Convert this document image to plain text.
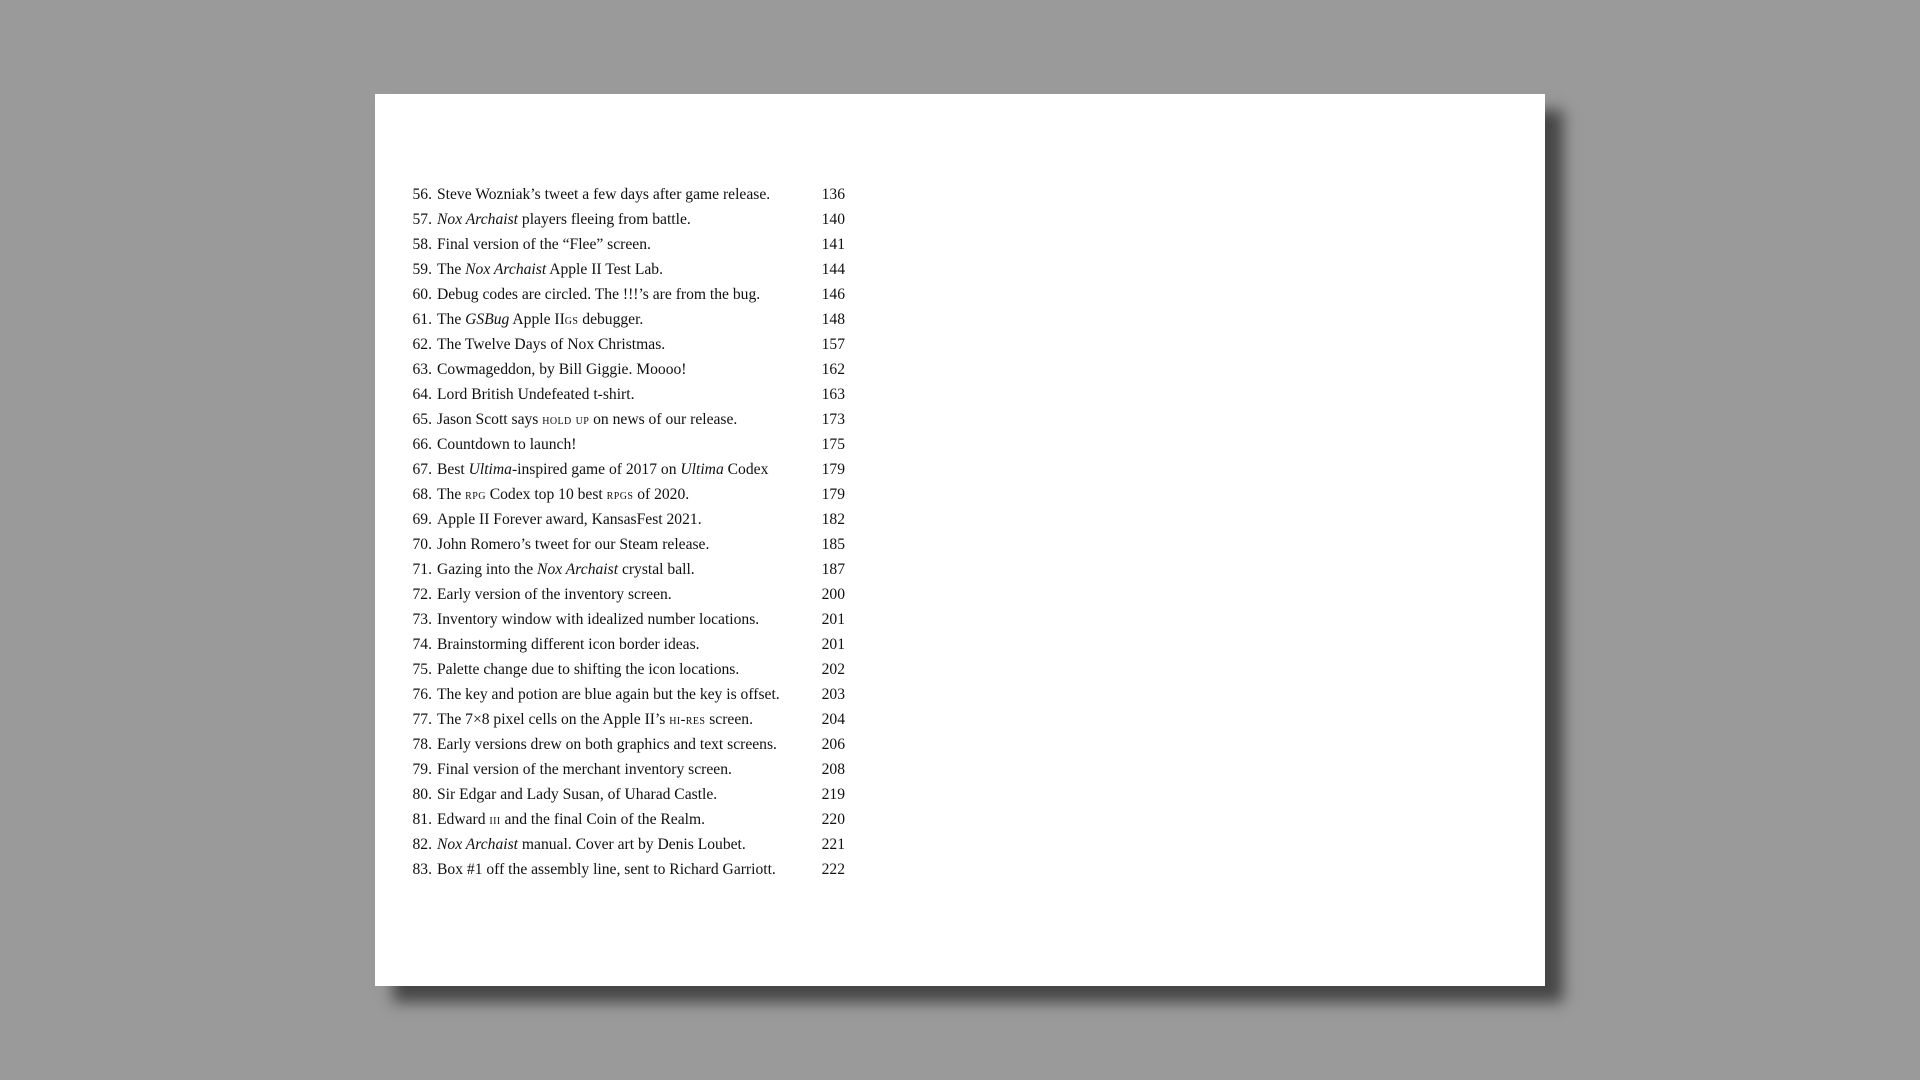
56. Steve Wozniak’s tweet a few days after game release.	136
57. Nox Archaist players fleeing from battle.	140
58. Final version of the “Flee” screen.	141
59. The Nox Archaist Apple II Test Lab.	144
60. Debug codes are circled. The !!!’s are from the bug.	146
61. The GSBug Apple IIgs debugger.	148
62. The Twelve Days of Nox Christmas.	157
63. Cowmageddon, by Bill Giggie. Moooo!	162
64. Lord British Undefeated t-shirt.	163
65. Jason Scott says hold up on news of our release.	173
66. Countdown to launch!	175
67. Best Ultima-inspired game of 2017 on Ultima Codex	179
68. The rpg Codex top 10 best rpgs of 2020.	179
69. Apple II Forever award, KansasFest 2021.	182
70. John Romero’s tweet for our Steam release.	185
71. Gazing into the Nox Archaist crystal ball.	187
72. Early version of the inventory screen.	200
73. Inventory window with idealized number locations.	201
74. Brainstorming different icon border ideas.	201
75. Palette change due to shifting the icon locations.	202
76. The key and potion are blue again but the key is offset.	203
77. The 7×8 pixel cells on the Apple II’s hi-res screen.	204
78. Early versions drew on both graphics and text screens.	206
79. Final version of the merchant inventory screen.	208
80. Sir Edgar and Lady Susan, of Uharad Castle.	219
81. Edward iii and the final Coin of the Realm.	220
82. Nox Archaist manual. Cover art by Denis Loubet.	221
83. Box #1 off the assembly line, sent to Richard Garriott.	222
